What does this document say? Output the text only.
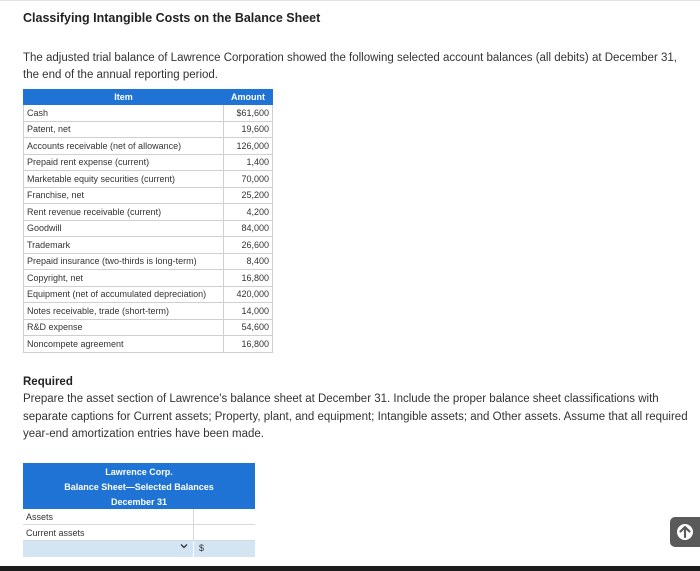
Classifying Intangible Costs on the Balance Sheet
The adjusted trial balance of Lawrence Corporation showed the following selected account balances (all debits) at December 31, the end of the annual reporting period.
Item	Amount
Cash	$61,600
Patent, net	19,600
Accounts receivable (net of allowance)	126,000
Prepaid rent expense (current)	1,400
Marketable equity securities (current)	70,000
Franchise, net	25,200
Rent revenue receivable (current)	4,200
Goodwill	84,000
Trademark	26,600
Prepaid insurance (two-thirds is long-term)	8,400
Copyright, net	16,800
Equipment (net of accumulated depreciation)	420,000
Notes receivable, trade (short-term)	14,000
R&D expense	54,600
Noncompete agreement	16,800
Required
Prepare the asset section of Lawrence's balance sheet at December 31. Include the proper balance sheet classifications with separate captions for Current assets; Property, plant, and equipment; Intangible assets; and Other assets. Assume that all required year-end amortization entries have been made.
Lawrence Corp.
Balance Sheet—Selected Balances
December 31
Assets
Current assets
$
